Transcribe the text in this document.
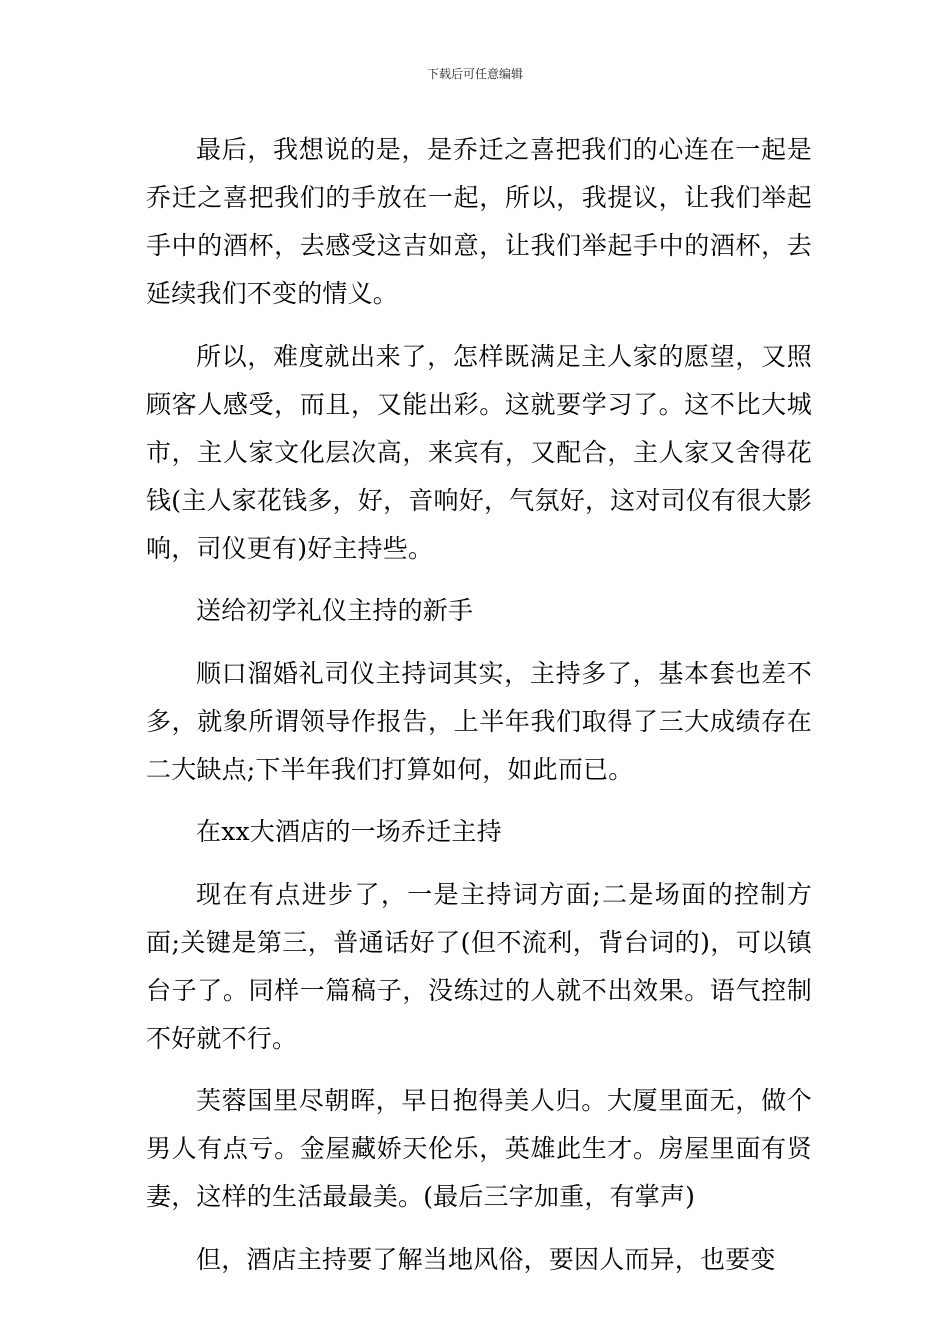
下载后可任意编辑

最后，我想说的是，是乔迁之喜把我们的心连在一起是乔迁之喜把我们的手放在一起，所以，我提议，让我们举起手中的酒杯，去感受这吉如意，让我们举起手中的酒杯，去延续我们不变的情义。

所以，难度就出来了，怎样既满足主人家的愿望，又照顾客人感受，而且，又能出彩。这就要学习了。这不比大城市，主人家文化层次高，来宾有，又配合，主人家又舍得花钱(主人家花钱多，好，音响好，气氛好，这对司仪有很大影响，司仪更有)好主持些。

送给初学礼仪主持的新手

顺口溜婚礼司仪主持词其实，主持多了，基本套也差不多，就象所谓领导作报告，上半年我们取得了三大成绩存在二大缺点;下半年我们打算如何，如此而已。

在xx大酒店的一场乔迁主持

现在有点进步了，一是主持词方面;二是场面的控制方面;关键是第三，普通话好了(但不流利，背台词的)，可以镇台子了。同样一篇稿子，没练过的人就不出效果。语气控制不好就不行。

芙蓉国里尽朝晖，早日抱得美人归。大厦里面无，做个男人有点亏。金屋藏娇天伦乐，英雄此生才。房屋里面有贤妻，这样的生活最最美。(最后三字加重，有掌声)

但，酒店主持要了解当地风俗，要因人而异，也要变
